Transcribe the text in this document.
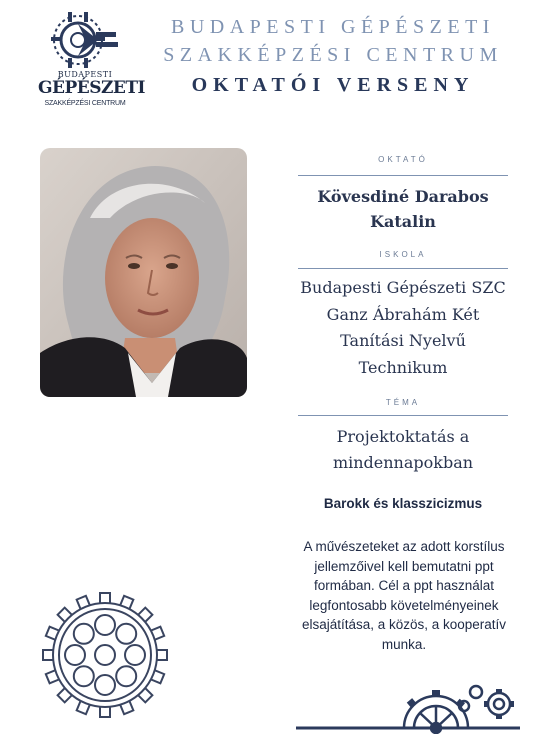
BUDAPESTI
GÉPÉSZETI
SZAKKÉPZÉSI CENTRUM
BUDAPESTI GÉPÉSZETI
SZAKKÉPZÉSI CENTRUM
OKTATÓI VERSENY
OKTATÓ
Kövesdiné Darabos
Katalin
ISKOLA
Budapesti Gépészeti SZC
Ganz Ábrahám Két
Tanítási Nyelvű
Technikum
TÉMA
Projektoktatás a
mindennapokban
Barokk és klasszicizmus
A művészeteket az adott korstílus
jellemzőivel kell bemutatni ppt
formában. Cél a ppt használat
legfontosabb követelményeinek
elsajátítása, a közös, a kooperatív
munka.
